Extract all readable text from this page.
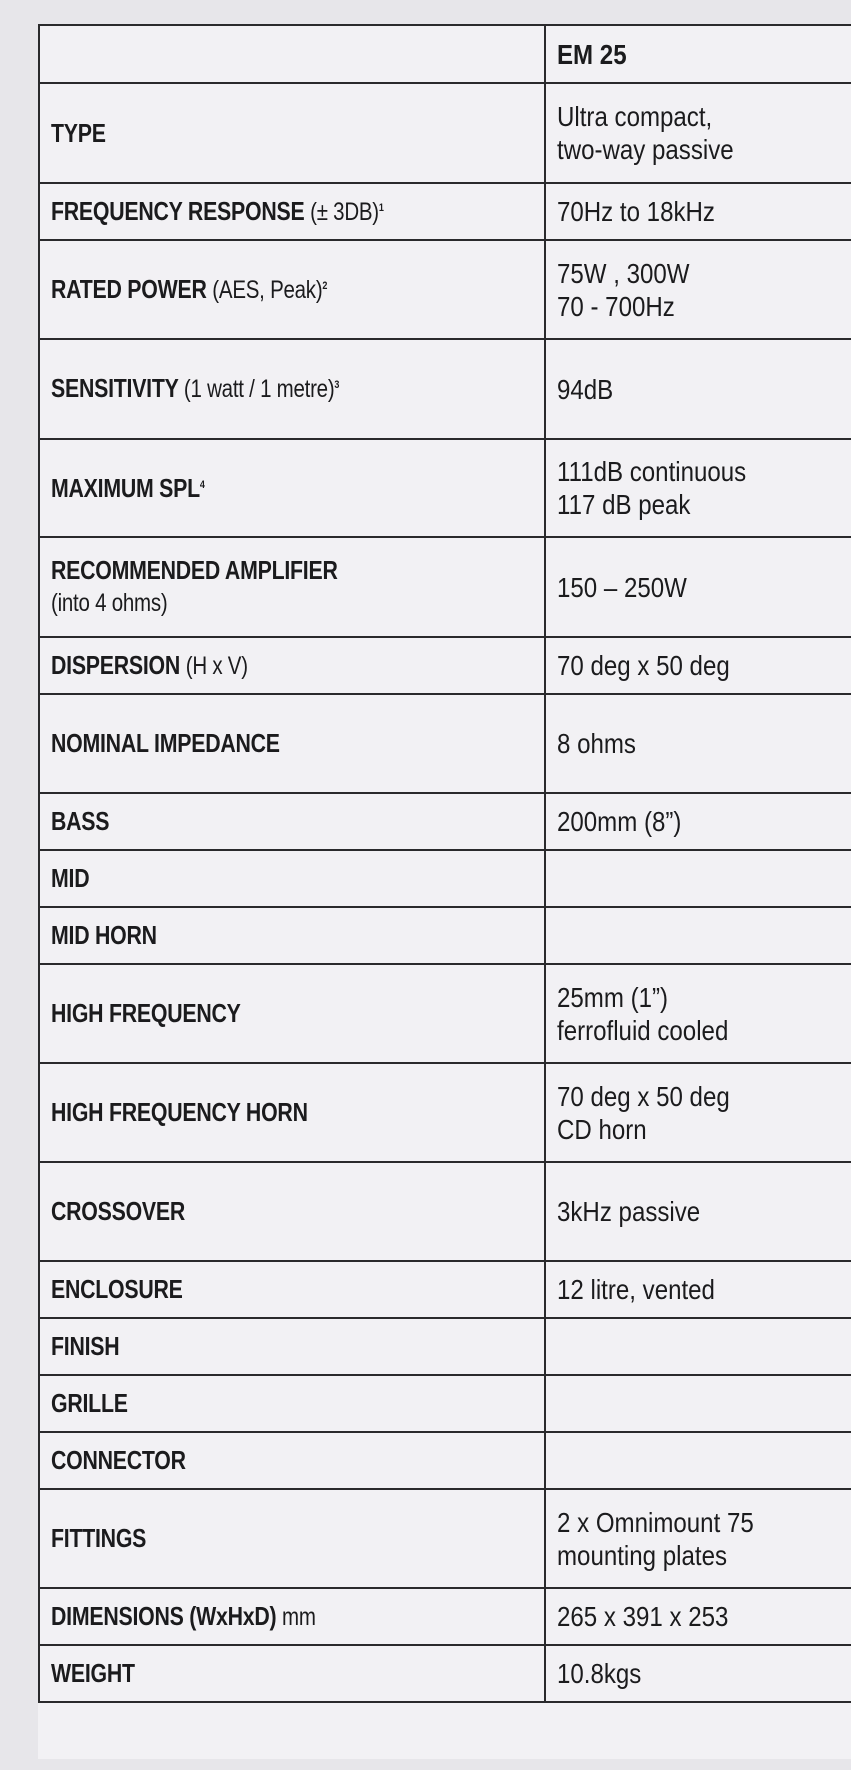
	EM 25

TYPE	Ultra compact,
two-way passive

FREQUENCY RESPONSE (± 3DB)$^1$	70Hz to 18kHz

RATED POWER (AES, Peak)$^2$	75W , 300W
70 - 700Hz

SENSITIVITY (1 watt / 1 metre)$^3$	94dB

MAXIMUM SPL$^4$	111dB continuous
117 dB peak

RECOMMENDED AMPLIFIER
(into 4 ohms)	150 – 250W

DISPERSION (H x V)	70 deg x 50 deg

NOMINAL IMPEDANCE	8 ohms

BASS	200mm (8”)

MID	

MID HORN	

HIGH FREQUENCY	25mm (1”)
ferrofluid cooled

HIGH FREQUENCY HORN	70 deg x 50 deg
CD horn

CROSSOVER	3kHz passive

ENCLOSURE	12 litre, vented

FINISH	

GRILLE	

CONNECTOR	

FITTINGS	2 x Omnimount 75
mounting plates

DIMENSIONS (WxHxD) mm	265 x 391 x 253

WEIGHT	10.8kgs
